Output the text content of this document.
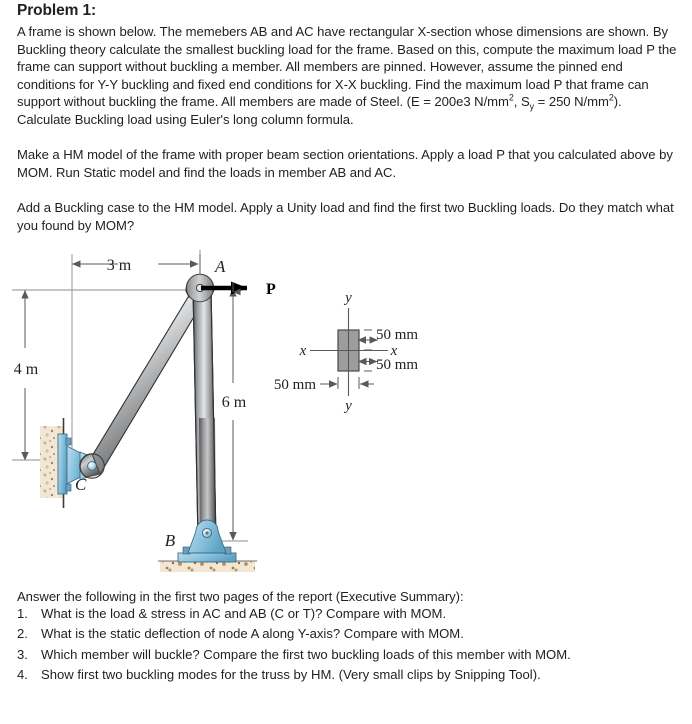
Problem 1:
A frame is shown below. The memebers AB and AC have rectangular X-section whose dimensions are shown. By Buckling theory calculate the smallest buckling load for the frame. Based on this, compute the maximum load P the frame can support without buckling a member. All members are pinned. However, assume the pinned end conditions for Y-Y buckling and fixed end conditions for X-X buckling. Find the maximum load P that frame can support without buckling the frame. All members are made of Steel. (E = 200e3 $N/mm^2$, $S_y = 250$ $N/mm^2$). Calculate Buckling load using Euler's long column formula.
Make a HM model of the frame with proper beam section orientations. Apply a load P that you calculated above by MOM. Run Static model and find the loads in member AB and AC.
Add a Buckling case to the HM model. Apply a Unity load and find the first two Buckling loads. Do they match what you found by MOM?
3 m
4 m
6 m
A
P
B
C
y
y
x	x
50 mm
50 mm
50 mm
Answer the following in the first two pages of the report (Executive Summary):
1. What is the load & stress in AC and AB (C or T)? Compare with MOM.
2. What is the static deflection of node A along Y-axis? Compare with MOM.
3. Which member will buckle? Compare the first two buckling loads of this member with MOM.
4. Show first two buckling modes for the truss by HM. (Very small clips by Snipping Tool).
